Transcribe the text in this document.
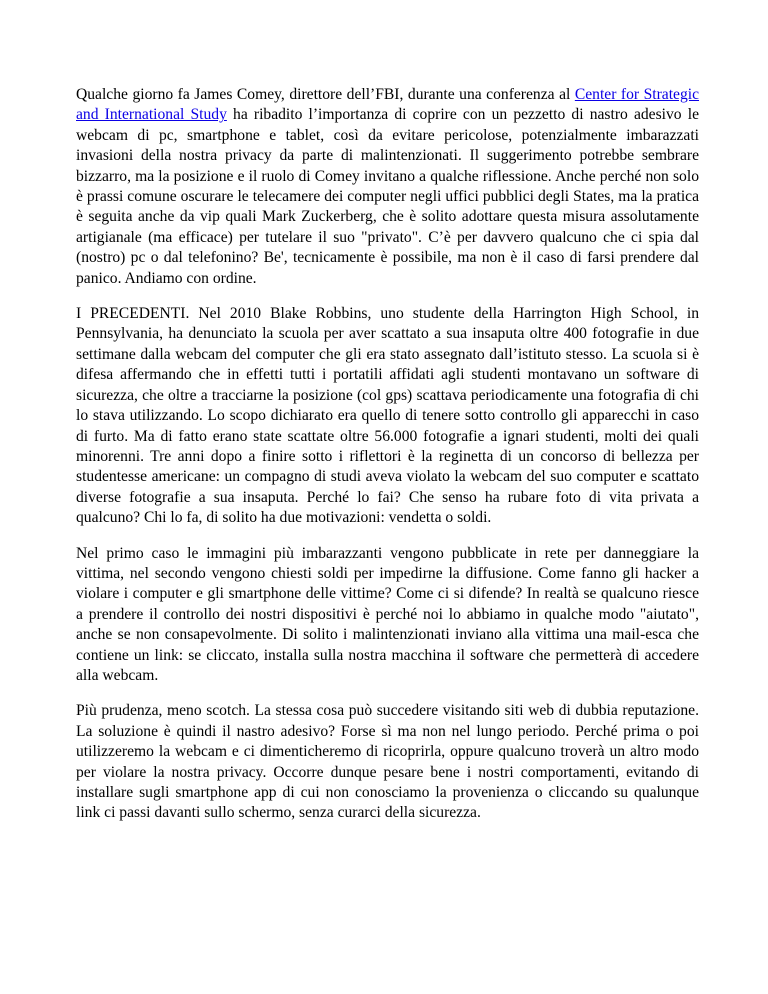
Qualche giorno fa James Comey, direttore dell’FBI, durante una conferenza al Center for Strategic and International Study ha ribadito l’importanza di coprire con un pezzetto di nastro adesivo le webcam di pc, smartphone e tablet, così da evitare pericolose, potenzialmente imbarazzati invasioni della nostra privacy da parte di malintenzionati. Il suggerimento potrebbe sembrare bizzarro, ma la posizione e il ruolo di Comey invitano a qualche riflessione. Anche perché non solo è prassi comune oscurare le telecamere dei computer negli uffici pubblici degli States, ma la pratica è seguita anche da vip quali Mark Zuckerberg, che è solito adottare questa misura assolutamente artigianale (ma efficace) per tutelare il suo "privato". C’è per davvero qualcuno che ci spia dal (nostro) pc o dal telefonino? Be', tecnicamente è possibile, ma non è il caso di farsi prendere dal panico. Andiamo con ordine.

I PRECEDENTI. Nel 2010 Blake Robbins, uno studente della Harrington High School, in Pennsylvania, ha denunciato la scuola per aver scattato a sua insaputa oltre 400 fotografie in due settimane dalla webcam del computer che gli era stato assegnato dall’istituto stesso. La scuola si è difesa affermando che in effetti tutti i portatili affidati agli studenti montavano un software di sicurezza, che oltre a tracciarne la posizione (col gps) scattava periodicamente una fotografia di chi lo stava utilizzando. Lo scopo dichiarato era quello di tenere sotto controllo gli apparecchi in caso di furto. Ma di fatto erano state scattate oltre 56.000 fotografie a ignari studenti, molti dei quali minorenni. Tre anni dopo a finire sotto i riflettori è la reginetta di un concorso di bellezza per studentesse americane: un compagno di studi aveva violato la webcam del suo computer e scattato diverse fotografie a sua insaputa. Perché lo fai? Che senso ha rubare foto di vita privata a qualcuno? Chi lo fa, di solito ha due motivazioni: vendetta o soldi.

Nel primo caso le immagini più imbarazzanti vengono pubblicate in rete per danneggiare la vittima, nel secondo vengono chiesti soldi per impedirne la diffusione. Come fanno gli hacker a violare i computer e gli smartphone delle vittime? Come ci si difende? In realtà se qualcuno riesce a prendere il controllo dei nostri dispositivi è perché noi lo abbiamo in qualche modo "aiutato", anche se non consapevolmente. Di solito i malintenzionati inviano alla vittima una mail-esca che contiene un link: se cliccato, installa sulla nostra macchina il software che permetterà di accedere alla webcam.

Più prudenza, meno scotch. La stessa cosa può succedere visitando siti web di dubbia reputazione. La soluzione è quindi il nastro adesivo? Forse sì ma non nel lungo periodo. Perché prima o poi utilizzeremo la webcam e ci dimenticheremo di ricoprirla, oppure qualcuno troverà un altro modo per violare la nostra privacy. Occorre dunque pesare bene i nostri comportamenti, evitando di installare sugli smartphone app di cui non conosciamo la provenienza o cliccando su qualunque link ci passi davanti sullo schermo, senza curarci della sicurezza.
